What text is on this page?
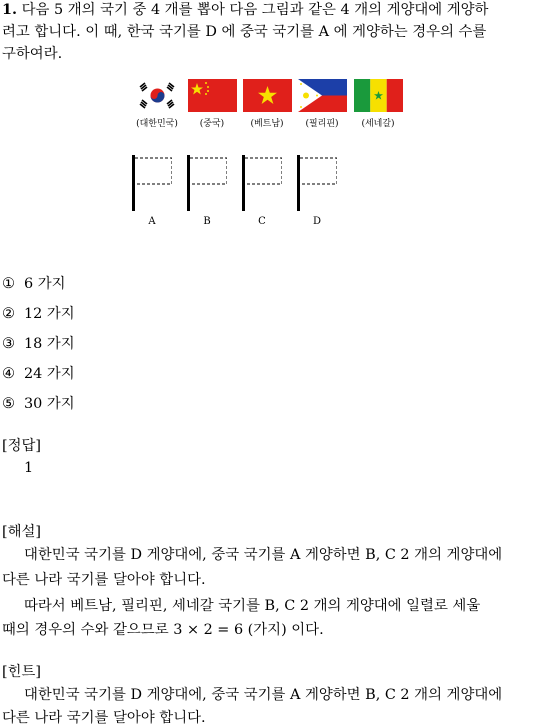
1. 다음 5 개의 국기 중 4 개를 뽑아 다음 그림과 같은 4 개의 게양대에 게양하
려고 합니다. 이 때, 한국 국기를 D 에 중국 국기를 A 에 게양하는 경우의 수를
구하여라.
(대한민국)	(중국)	(베트남)	(필리핀)	(세네갈)
A	B	C	D
① 6 가지
② 12 가지
③ 18 가지
④ 24 가지
⑤ 30 가지
[정답]
1
[해설]
대한민국 국기를 D 게양대에, 중국 국기를 A 게양하면 B, C 2 개의 게양대에
다른 나라 국기를 달아야 합니다.
따라서 베트남, 필리핀, 세네갈 국기를 B, C 2 개의 게양대에 일렬로 세울
때의 경우의 수와 같으므로 3 × 2 = 6 (가지) 이다.
[힌트]
대한민국 국기를 D 게양대에, 중국 국기를 A 게양하면 B, C 2 개의 게양대에
다른 나라 국기를 달아야 합니다.
